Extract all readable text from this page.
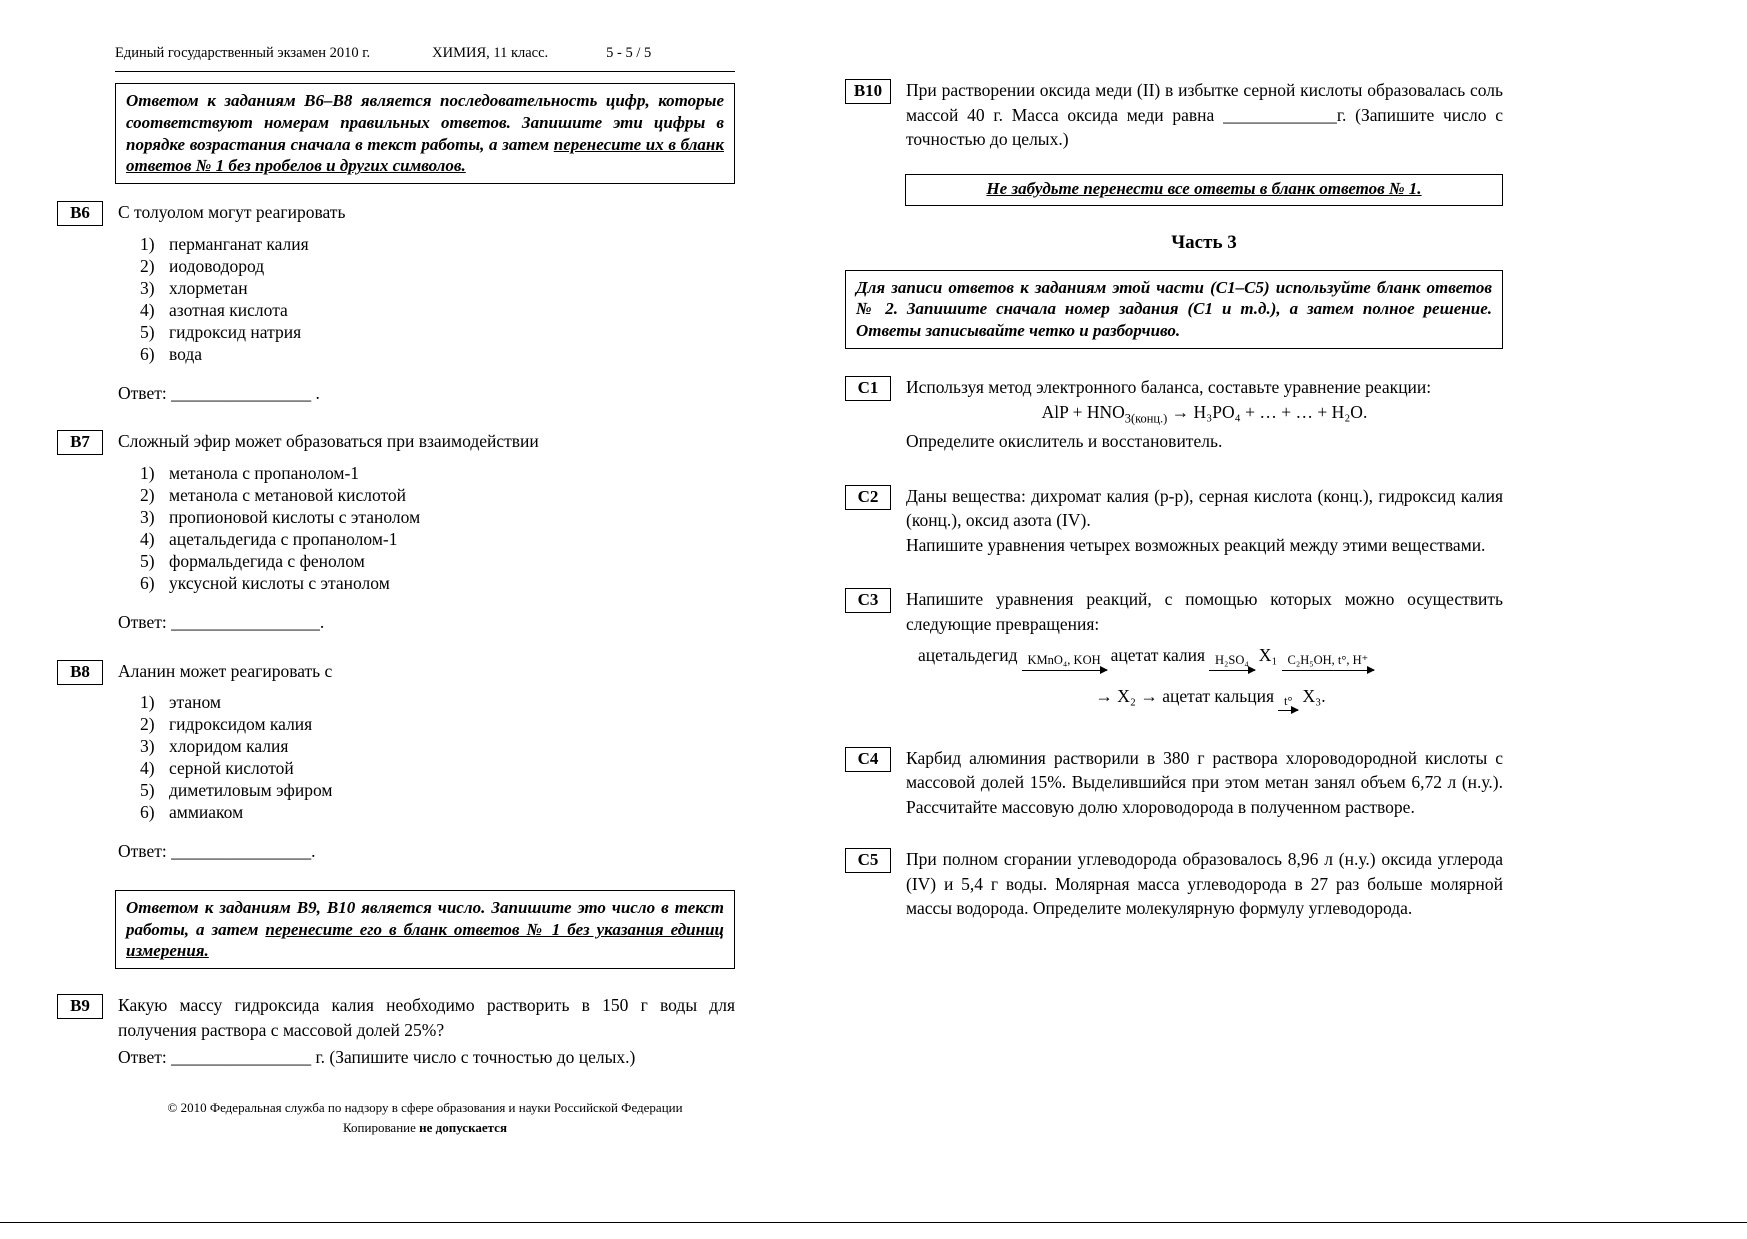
Единый государственный экзамен 2010 г.	ХИМИЯ, 11 класс.	5 - 5 / 5
Ответом к заданиям В6–В8 является последовательность цифр, которые соответствуют номерам правильных ответов. Запишите эти цифры в порядке возрастания сначала в текст работы, а затем перенесите их в бланк ответов № 1 без пробелов и других символов.
В6	С толуолом могут реагировать

1) перманганат калия
2) иодоводород
3) хлорметан
4) азотная кислота
5) гидроксид натрия
6) вода

Ответ: ________________ .

В7	Сложный эфир может образоваться при взаимодействии

1) метанола с пропанолом-1
2) метанола с метановой кислотой
3) пропионовой кислоты с этанолом
4) ацетальдегида с пропанолом-1
5) формальдегида с фенолом
6) уксусной кислоты с этанолом

Ответ: _________________.

В8	Аланин может реагировать с

1) этаном
2) гидроксидом калия
3) хлоридом калия
4) серной кислотой
5) диметиловым эфиром
6) аммиаком

Ответ: ________________.

Ответом к заданиям В9, В10 является число. Запишите это число в текст работы, а затем перенесите его в бланк ответов № 1 без указания единиц измерения.
В9	Какую массу гидроксида калия необходимо растворить в 150 г воды для получения раствора с массовой долей 25%?

Ответ: ________________ г. (Запишите число с точностью до целых.)

© 2010 Федеральная служба по надзору в сфере образования и науки Российской Федерации
Копирование не допускается
В10	При растворении оксида меди (II) в избытке серной кислоты образовалась соль массой 40 г. Масса оксида меди равна _____________г. (Запишите число с точностью до целых.)

Не забудьте перенести все ответы в бланк ответов № 1.
Часть 3
Для записи ответов к заданиям этой части (С1–С5) используйте бланк ответов № 2. Запишите сначала номер задания (С1 и т.д.), а затем полное решение. Ответы записывайте четко и разборчиво.
С1	Используя метод электронного баланса, составьте уравнение реакции:

AlP + $HNO_{3(конц.)} \to H_3PO_4$ + … + … + H₂O.

Определите окислитель и восстановитель.

С2	Даны вещества: дихромат калия (р-р), серная кислота (конц.), гидроксид калия (конц.), оксид азота (IV).

Напишите уравнения четырех возможных реакций между этими веществами.

С3	Напишите уравнения реакций, с помощью которых можно осуществить следующие превращения:

ацетальдегид KMnO₄, KOH ацетат калия H₂SO₄ X₁ C₂H₅OH, t°, H⁺
→ X₂ → ацетат кальция t° X₃.
С4	Карбид алюминия растворили в 380 г раствора хлороводородной кислоты с массовой долей 15%. Выделившийся при этом метан занял объем 6,72 л (н.у.). Рассчитайте массовую долю хлороводорода в полученном растворе.

С5	При полном сгорании углеводорода образовалось 8,96 л (н.у.) оксида углерода (IV) и 5,4 г воды. Молярная масса углеводорода в 27 раз больше молярной массы водорода. Определите молекулярную формулу углеводорода.
